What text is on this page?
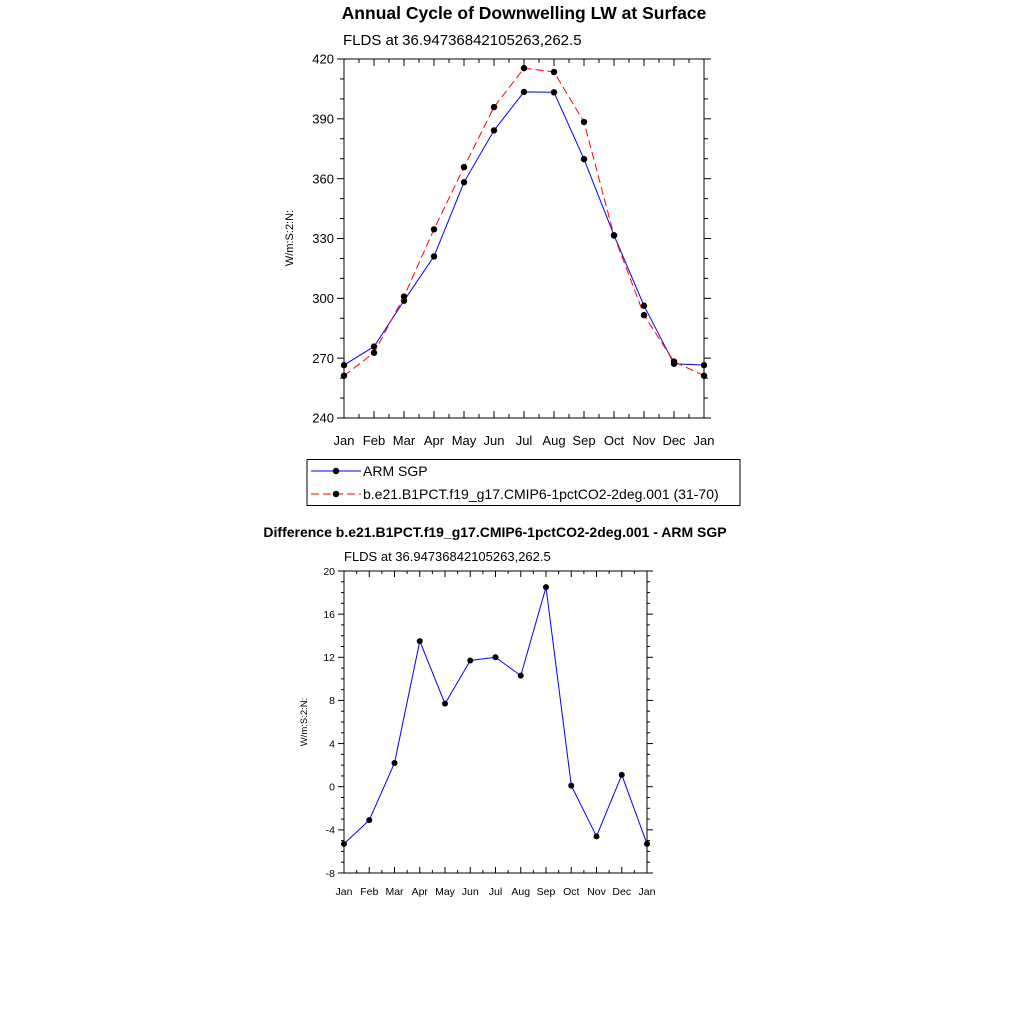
Annual Cycle of Downwelling LW at Surface
FLDS at 36.94736842105263,262.5
W/m:S:2:N:
Jan Feb Mar Apr May Jun Jul Aug Sep Oct Nov Dec Jan
240
270
300
330
360
390
420
ARM SGP
b.e21.B1PCT.f19_g17.CMIP6-1pctCO2-2deg.001 (31-70)
Difference b.e21.B1PCT.f19_g17.CMIP6-1pctCO2-2deg.001 - ARM SGP
FLDS at 36.94736842105263,262.5
W/m:S:2:N:
Jan Feb Mar Apr May Jun Jul Aug Sep Oct Nov Dec Jan
-8
-4
0
4
8
12
16
20
